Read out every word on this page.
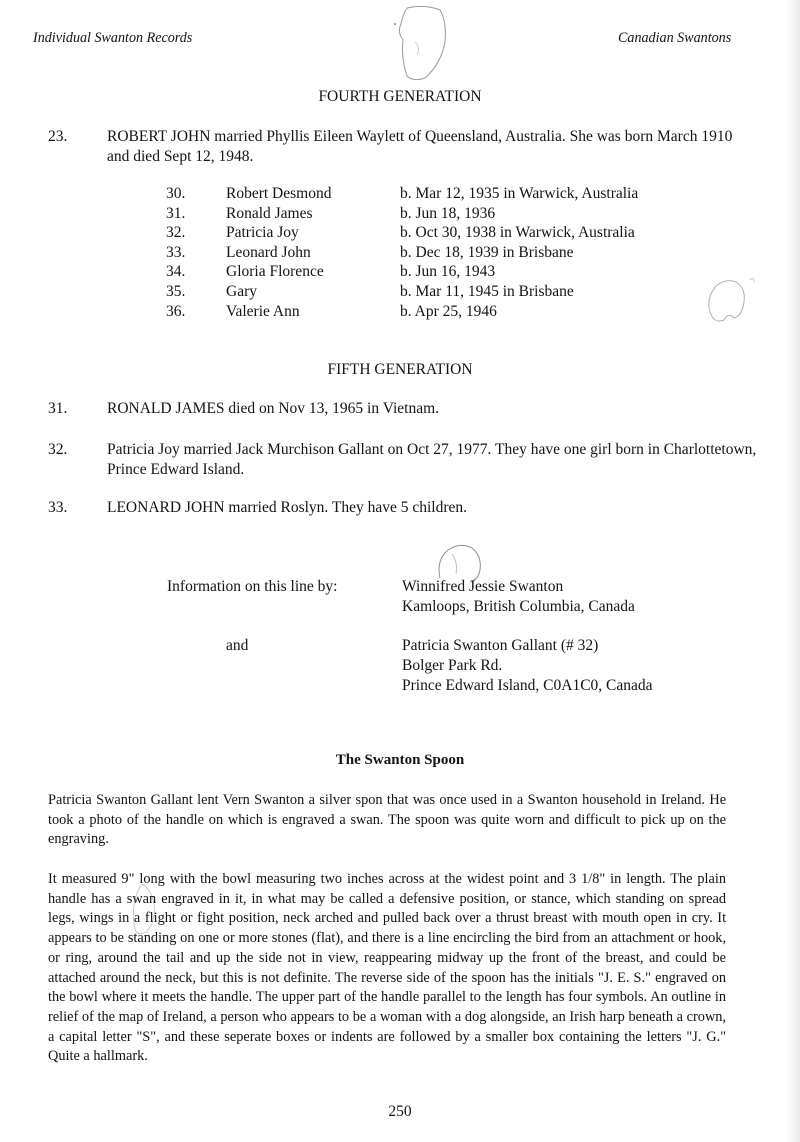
Individual Swanton Records	Canadian Swantons
FOURTH GENERATION
23.	ROBERT JOHN married Phyllis Eileen Waylett of Queensland, Australia. She was born March 1910 and died Sept 12, 1948.
30.	Robert Desmond	b. Mar 12, 1935 in Warwick, Australia
31.	Ronald James	b. Jun 18, 1936
32.	Patricia Joy	b. Oct 30, 1938 in Warwick, Australia
33.	Leonard John	b. Dec 18, 1939 in Brisbane
34.	Gloria Florence	b. Jun 16, 1943
35.	Gary	b. Mar 11, 1945 in Brisbane
36.	Valerie Ann	b. Apr 25, 1946
FIFTH GENERATION
31.	RONALD JAMES died on Nov 13, 1965 in Vietnam.
32.	Patricia Joy married Jack Murchison Gallant on Oct 27, 1977. They have one girl born in Charlottetown, Prince Edward Island.
33.	LEONARD JOHN married Roslyn. They have 5 children.
Information on this line by:	Winnifred Jessie Swanton
Kamloops, British Columbia, Canada
and	Patricia Swanton Gallant (# 32)
Bolger Park Rd.
Prince Edward Island, C0A1C0, Canada
The Swanton Spoon
Patricia Swanton Gallant lent Vern Swanton a silver spon that was once used in a Swanton household in Ireland. He took a photo of the handle on which is engraved a swan. The spoon was quite worn and difficult to pick up on the engraving.
It measured 9" long with the bowl measuring two inches across at the widest point and 3 1/8" in length. The plain handle has a swan engraved in it, in what may be called a defensive position, or stance, which standing on spread legs, wings in a flight or fight position, neck arched and pulled back over a thrust breast with mouth open in cry. It appears to be standing on one or more stones (flat), and there is a line encircling the bird from an attachment or hook, or ring, around the tail and up the side not in view, reappearing midway up the front of the breast, and could be attached around the neck, but this is not definite. The reverse side of the spoon has the initials "J. E. S." engraved on the bowl where it meets the handle. The upper part of the handle parallel to the length has four symbols. An outline in relief of the map of Ireland, a person who appears to be a woman with a dog alongside, an Irish harp beneath a crown, a capital letter "S", and these seperate boxes or indents are followed by a smaller box containing the letters "J. G." Quite a hallmark.
250
